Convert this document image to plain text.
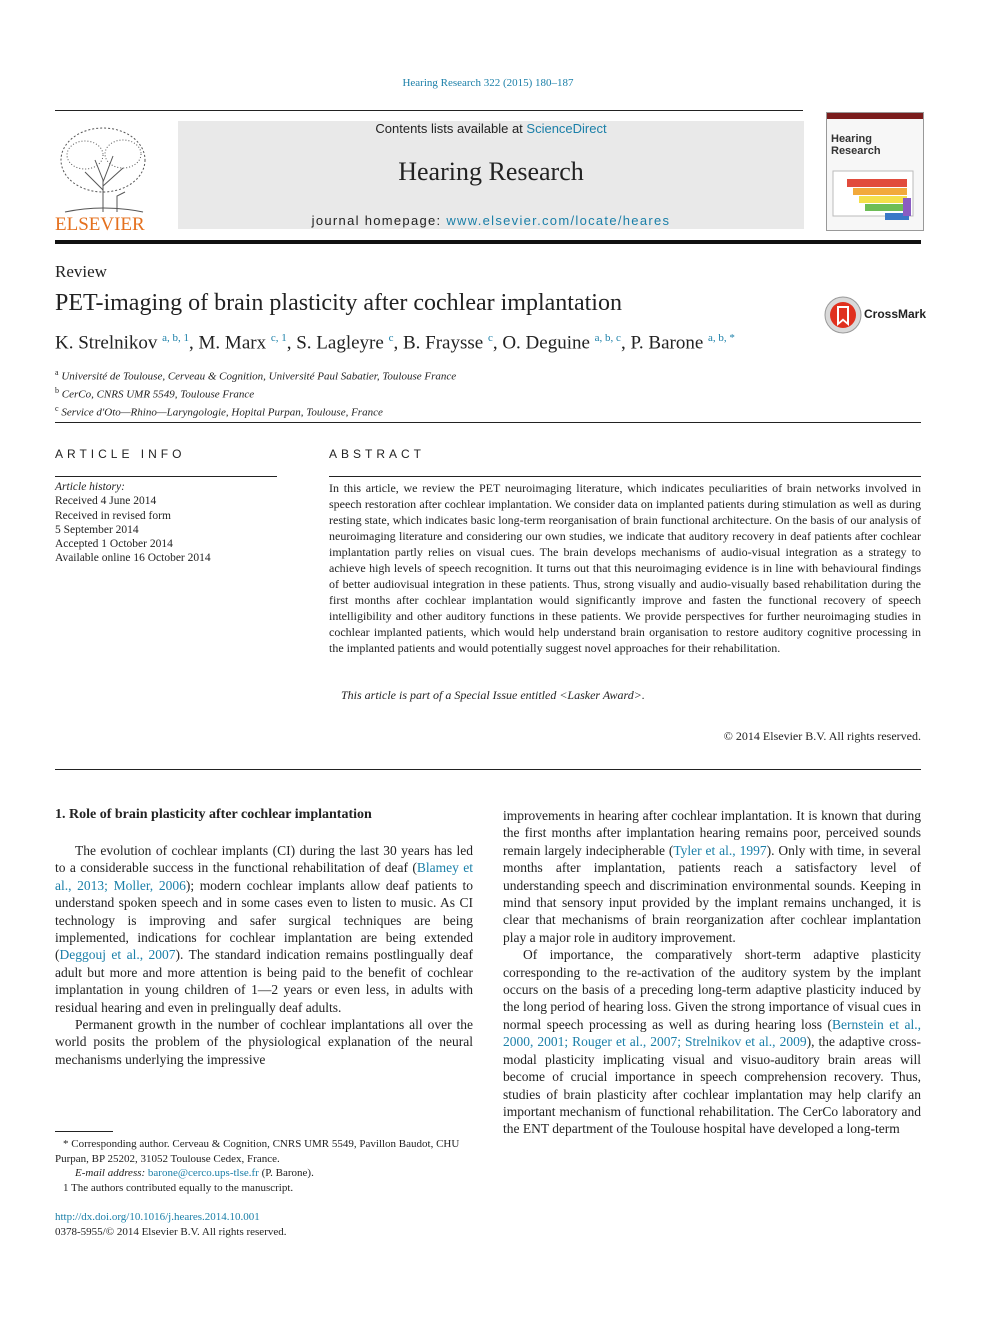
Hearing Research 322 (2015) 180–187
ELSEVIER
Contents lists available at ScienceDirect
Hearing Research
journal homepage: www.elsevier.com/locate/heares
Hearing Research
Review
PET-imaging of brain plasticity after cochlear implantation	CrossMark
K. Strelnikov $^{a, b, 1}$, M. Marx $^{c, 1}$, S. Lagleyre $^c$, B. Fraysse $^c$, O. Deguine $^{a, b, c}$, P. Barone $^{a, b, *}$
$^a$ Université de Toulouse, Cerveau & Cognition, Université Paul Sabatier, Toulouse France
$^b$ CerCo, CNRS UMR 5549, Toulouse France
$^c$ Service d'Oto—Rhino—Laryngologie, Hopital Purpan, Toulouse, France
ARTICLE INFO
Article history:
Received 4 June 2014
Received in revised form
5 September 2014
Accepted 1 October 2014
Available online 16 October 2014
ABSTRACT
In this article, we review the PET neuroimaging literature, which indicates peculiarities of brain networks involved in speech restoration after cochlear implantation. We consider data on implanted patients during stimulation as well as during resting state, which indicates basic long-term reorganisation of brain functional architecture. On the basis of our analysis of neuroimaging literature and considering our own studies, we indicate that auditory recovery in deaf patients after cochlear implantation partly relies on visual cues. The brain develops mechanisms of audio-visual integration as a strategy to achieve high levels of speech recognition. It turns out that this neuroimaging evidence is in line with behavioural findings of better audiovisual integration in these patients. Thus, strong visually and audio-visually based rehabilitation during the first months after cochlear implantation would significantly improve and fasten the functional recovery of speech intelligibility and other auditory functions in these patients. We provide perspectives for further neuroimaging studies in cochlear implanted patients, which would help understand brain organisation to restore auditory cognitive processing in the implanted patients and would potentially suggest novel approaches for their rehabilitation.
This article is part of a Special Issue entitled <Lasker Award>.
© 2014 Elsevier B.V. All rights reserved.
1. Role of brain plasticity after cochlear implantation

The evolution of cochlear implants (CI) during the last 30 years has led to a considerable success in the functional rehabilitation of deaf (Blamey et al., 2013; Moller, 2006); modern cochlear implants allow deaf patients to understand spoken speech and in some cases even to listen to music. As CI technology is improving and safer surgical techniques are being implemented, indications for cochlear implantation are being extended (Deggouj et al., 2007). The standard indication remains postlingually deaf adult but more and more attention is being paid to the benefit of cochlear implantation in young children of 1—2 years or even less, in adults with residual hearing and even in prelingually deaf adults.

Permanent growth in the number of cochlear implantations all over the world posits the problem of the physiological explanation of the neural mechanisms underlying the impressive

improvements in hearing after cochlear implantation. It is known that during the first months after implantation hearing remains poor, perceived sounds remain largely indecipherable (Tyler et al., 1997). Only with time, in several months after implantation, patients reach a satisfactory level of understanding speech and discrimination environmental sounds. Keeping in mind that sensory input provided by the implant remains unchanged, it is clear that mechanisms of brain reorganization after cochlear implantation play a major role in auditory improvement.

Of importance, the comparatively short-term adaptive plasticity corresponding to the re-activation of the auditory system by the implant occurs on the basis of a preceding long-term adaptive plasticity induced by the long period of hearing loss. Given the strong importance of visual cues in normal speech processing as well as during hearing loss (Bernstein et al., 2000, 2001; Rouger et al., 2007; Strelnikov et al., 2009), the adaptive cross-modal plasticity implicating visual and visuo-auditory brain areas will become of crucial importance in speech comprehension recovery. Thus, studies of brain plasticity after cochlear implantation may help clarify an important mechanism of functional rehabilitation. The CerCo laboratory and the ENT department of the Toulouse hospital have developed a long-term

* Corresponding author. Cerveau & Cognition, CNRS UMR 5549, Pavillon Baudot, CHU Purpan, BP 25202, 31052 Toulouse Cedex, France.

E-mail address: barone@cerco.ups-tlse.fr (P. Barone).

1 The authors contributed equally to the manuscript.

http://dx.doi.org/10.1016/j.heares.2014.10.001
0378-5955/© 2014 Elsevier B.V. All rights reserved.
